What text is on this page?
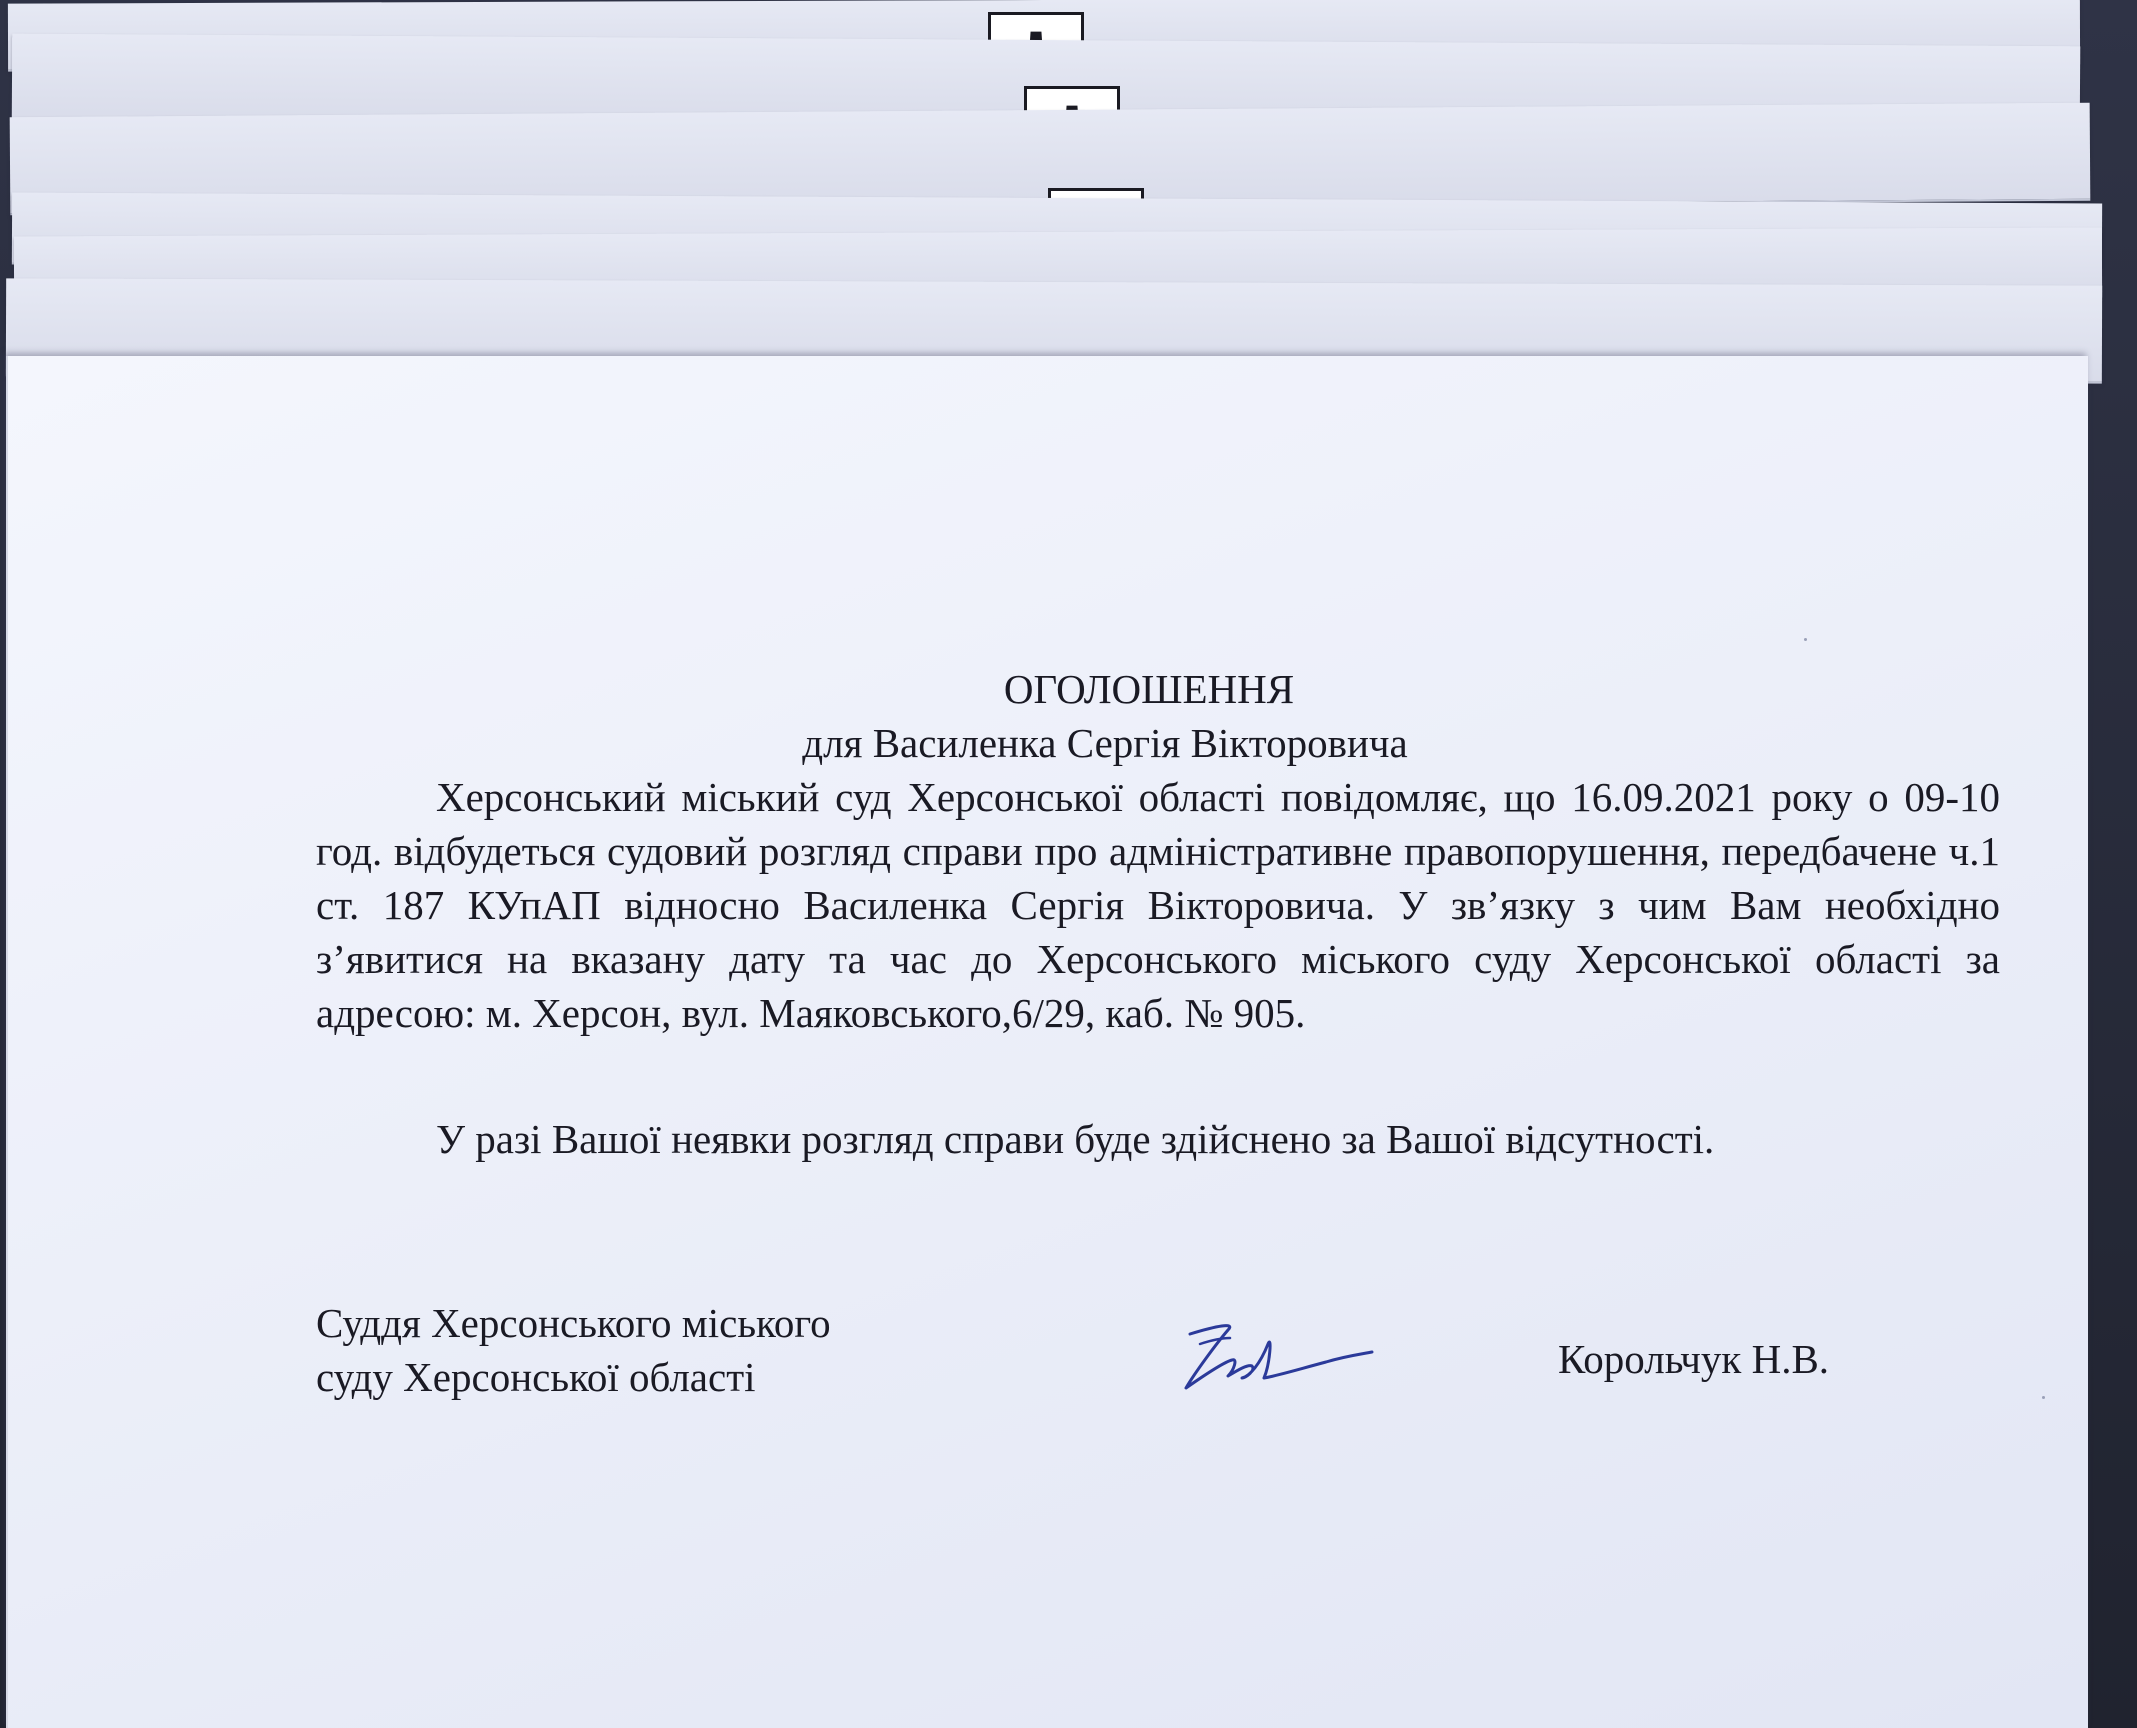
ОГОЛОШЕННЯ
для Василенка Сергія Вікторовича

Херсонський міський суд Херсонської області повідомляє, що 16.09.2021 року о 09-10 год. відбудеться судовий розгляд справи про адміністративне правопорушення, передбачене ч.1 ст. 187 КУпАП відносно Василенка Сергія Вікторовича. У зв’язку з чим Вам необхідно з’явитися на вказану дату та час до Херсонського міського суду Херсонської області за адресою: м. Херсон, вул. Маяковського,6/29, каб. № 905.

У разі Вашої неявки розгляд справи буде здійснено за Вашої відсутності.

Суддя Херсонського міського
суду Херсонської області	Корольчук Н.В.
